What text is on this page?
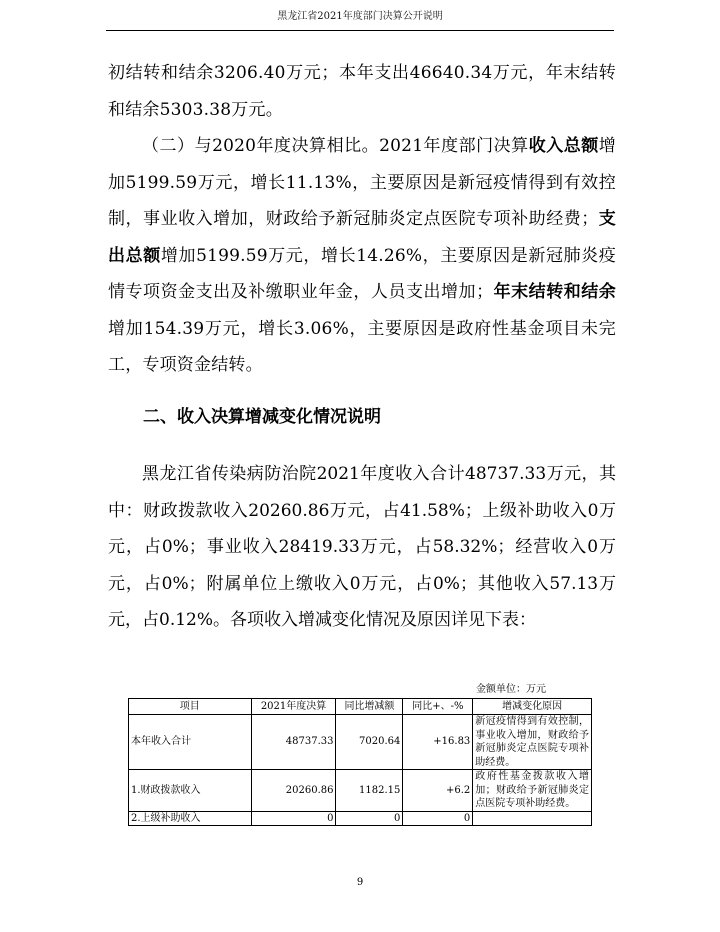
黑龙江省2021年度部门决算公开说明

初结转和结余3206.40万元；本年支出46640.34万元，年末结转和结余5303.38万元。

（二）与2020年度决算相比。2021年度部门决算收入总额增加5199.59万元，增长11.13%，主要原因是新冠疫情得到有效控制，事业收入增加，财政给予新冠肺炎定点医院专项补助经费；支出总额增加5199.59万元，增长14.26%，主要原因是新冠肺炎疫情专项资金支出及补缴职业年金，人员支出增加；年末结转和结余增加154.39万元，增长3.06%，主要原因是政府性基金项目未完工，专项资金结转。

二、收入决算增减变化情况说明

黑龙江省传染病防治院2021年度收入合计48737.33万元，其中：财政拨款收入20260.86万元，占41.58%；上级补助收入0万元，占0%；事业收入28419.33万元，占58.32%；经营收入0万元，占0%；附属单位上缴收入0万元，占0%；其他收入57.13万元，占0.12%。各项收入增减变化情况及原因详见下表：

金额单位：万元
项目	2021年度决算	同比增减额	同比+、-%	增减变化原因
本年收入合计	48737.33	7020.64	+16.83	新冠疫情得到有效控制，事业收入增加，财政给予新冠肺炎定点医院专项补助经费。
1.财政拨款收入	20260.86	1182.15	+6.2	政府性基金拨款收入增加；财政给予新冠肺炎定点医院专项补助经费。
2.上级补助收入	0	0	0	
9
